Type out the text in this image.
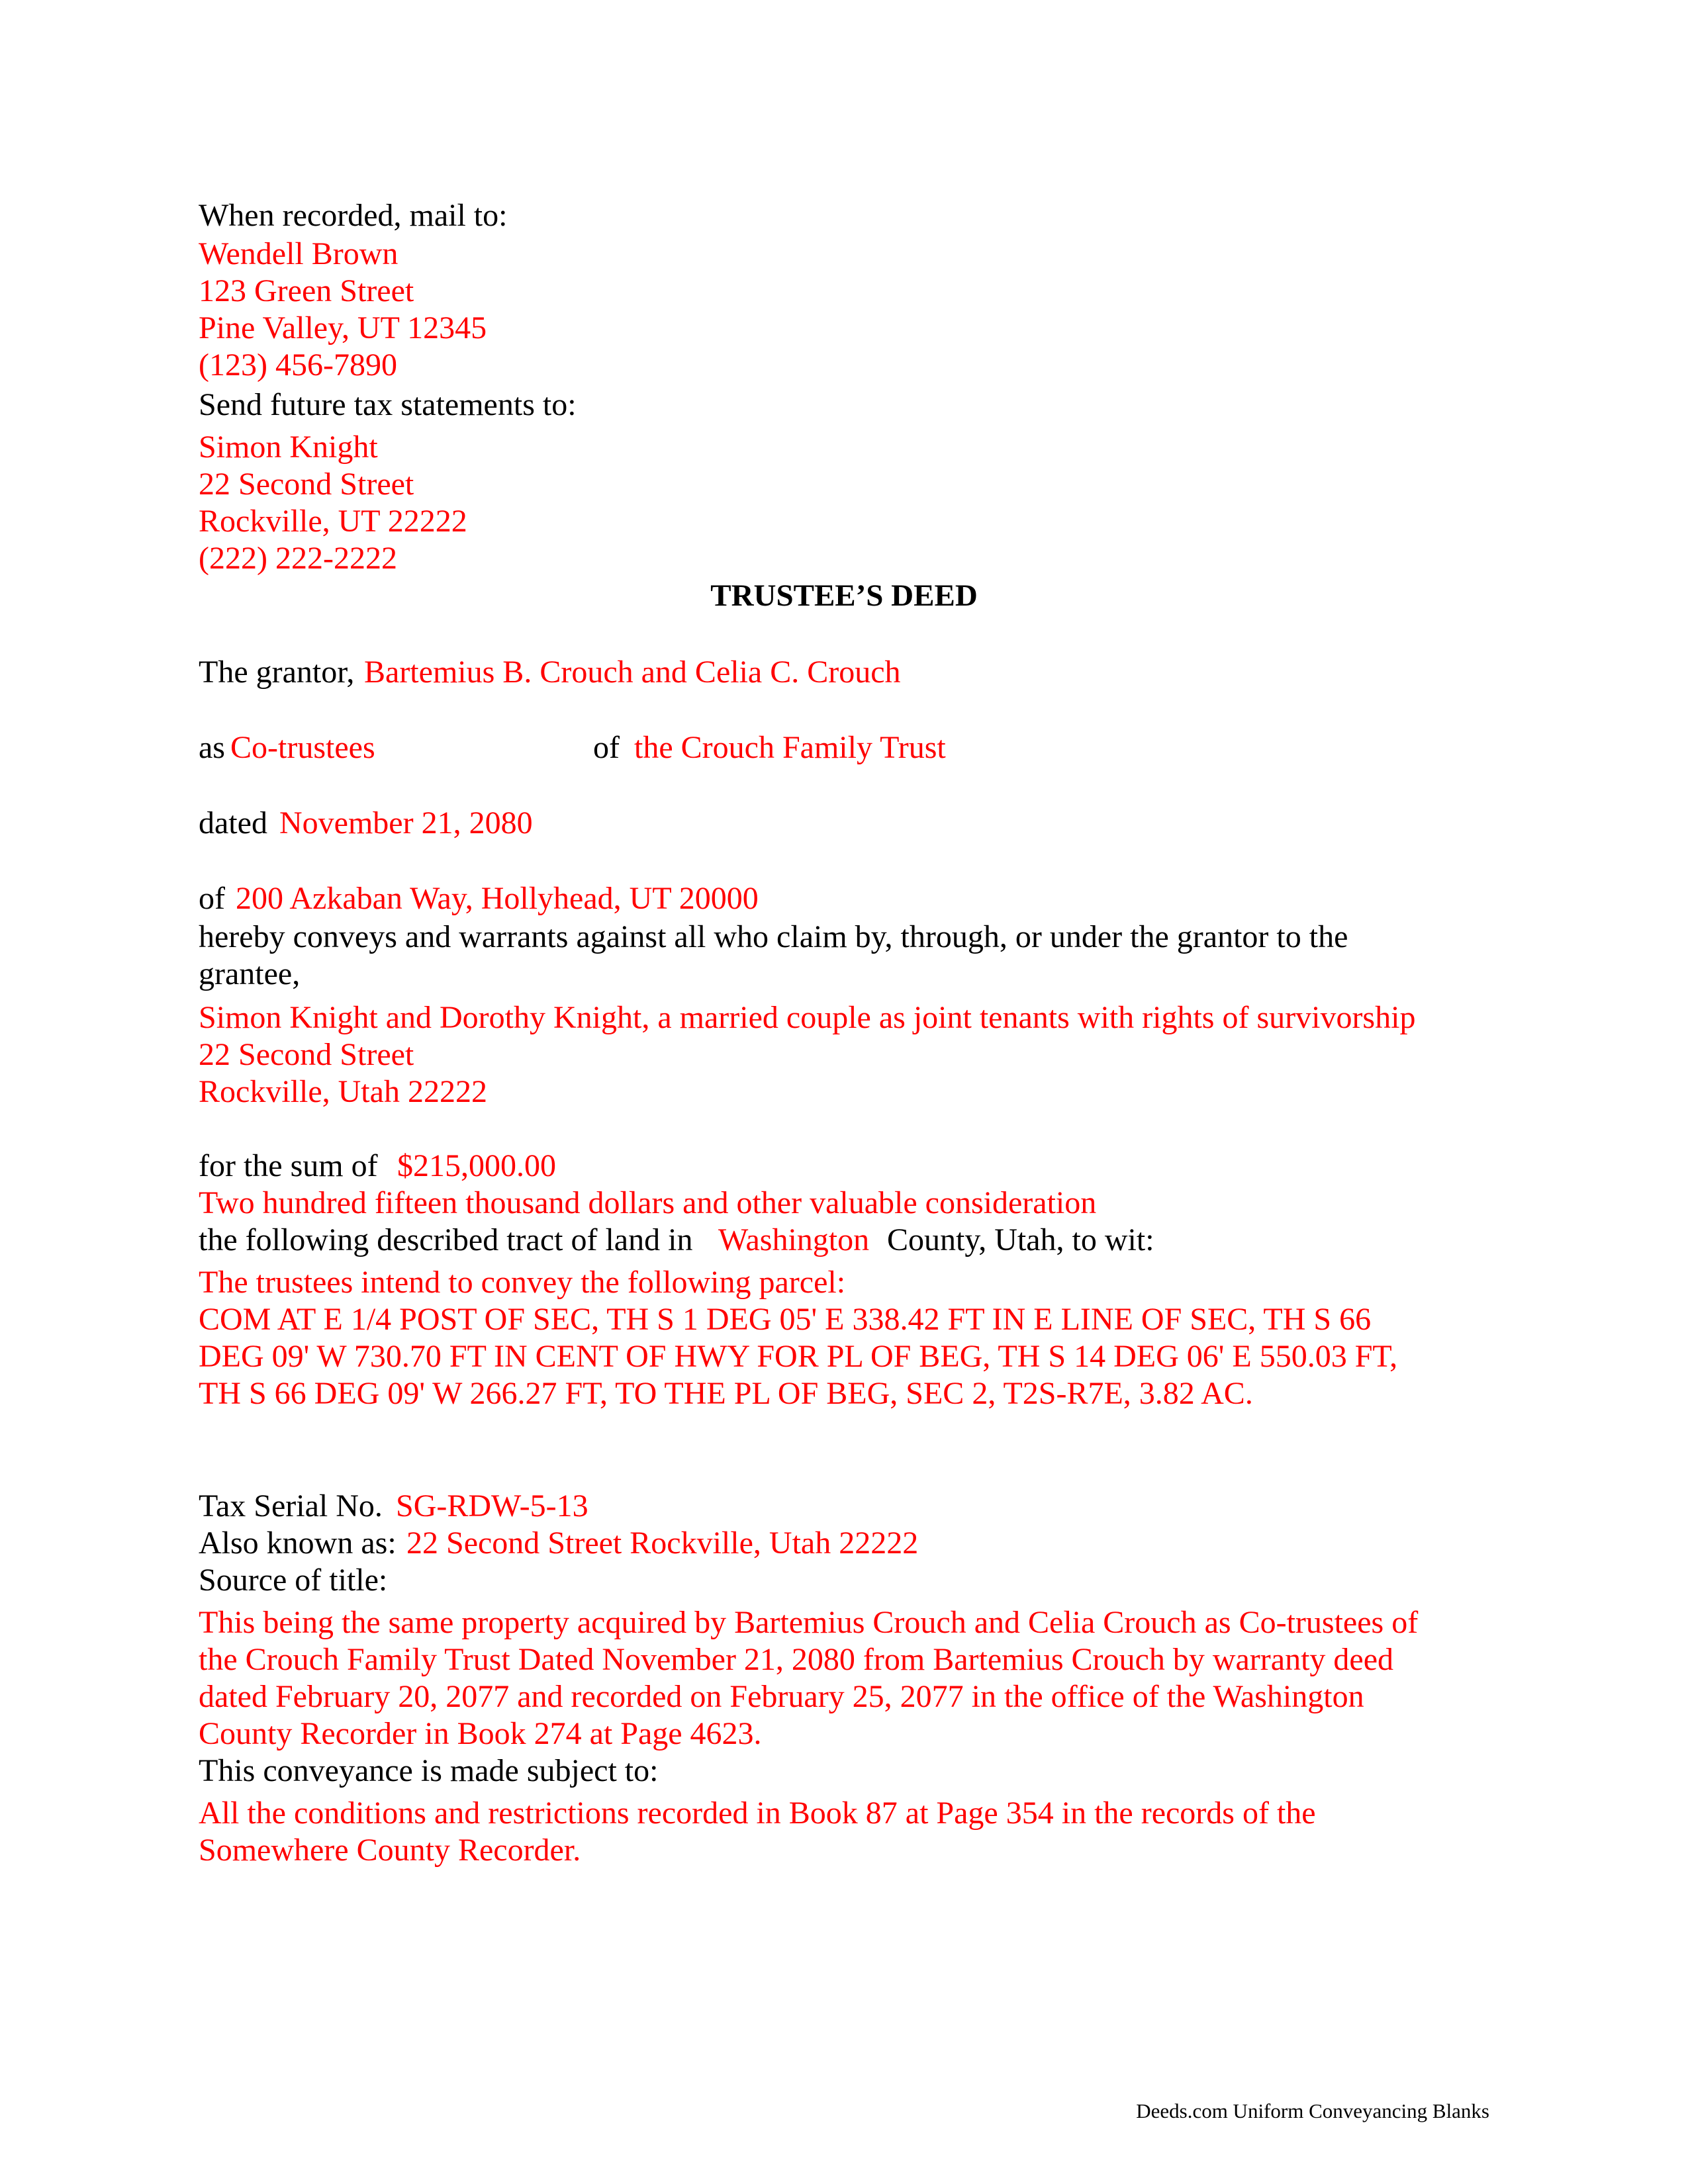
When recorded, mail to:
Wendell Brown
123 Green Street
Pine Valley, UT 12345
(123) 456-7890
Send future tax statements to:
Simon Knight
22 Second Street
Rockville, UT 22222
(222) 222-2222
TRUSTEE’S DEED
The grantor, Bartemius B. Crouch and Celia C. Crouch
as Co-trustees	of the Crouch Family Trust
dated November 21, 2080
of 200 Azkaban Way, Hollyhead, UT 20000
hereby conveys and warrants against all who claim by, through, or under the grantor to the
grantee,
Simon Knight and Dorothy Knight, a married couple as joint tenants with rights of survivorship
22 Second Street
Rockville, Utah 22222
for the sum of $215,000.00
Two hundred fifteen thousand dollars and other valuable consideration
the following described tract of land in Washington County, Utah, to wit:
The trustees intend to convey the following parcel:
COM AT E 1/4 POST OF SEC, TH S 1 DEG 05' E 338.42 FT IN E LINE OF SEC, TH S 66
DEG 09' W 730.70 FT IN CENT OF HWY FOR PL OF BEG, TH S 14 DEG 06' E 550.03 FT,
TH S 66 DEG 09' W 266.27 FT, TO THE PL OF BEG, SEC 2, T2S-R7E, 3.82 AC.
Tax Serial No. SG-RDW-5-13
Also known as: 22 Second Street Rockville, Utah 22222
Source of title:
This being the same property acquired by Bartemius Crouch and Celia Crouch as Co-trustees of
the Crouch Family Trust Dated November 21, 2080 from Bartemius Crouch by warranty deed
dated February 20, 2077 and recorded on February 25, 2077 in the office of the Washington
County Recorder in Book 274 at Page 4623.
This conveyance is made subject to:
All the conditions and restrictions recorded in Book 87 at Page 354 in the records of the
Somewhere County Recorder.
Deeds.com Uniform Conveyancing Blanks
